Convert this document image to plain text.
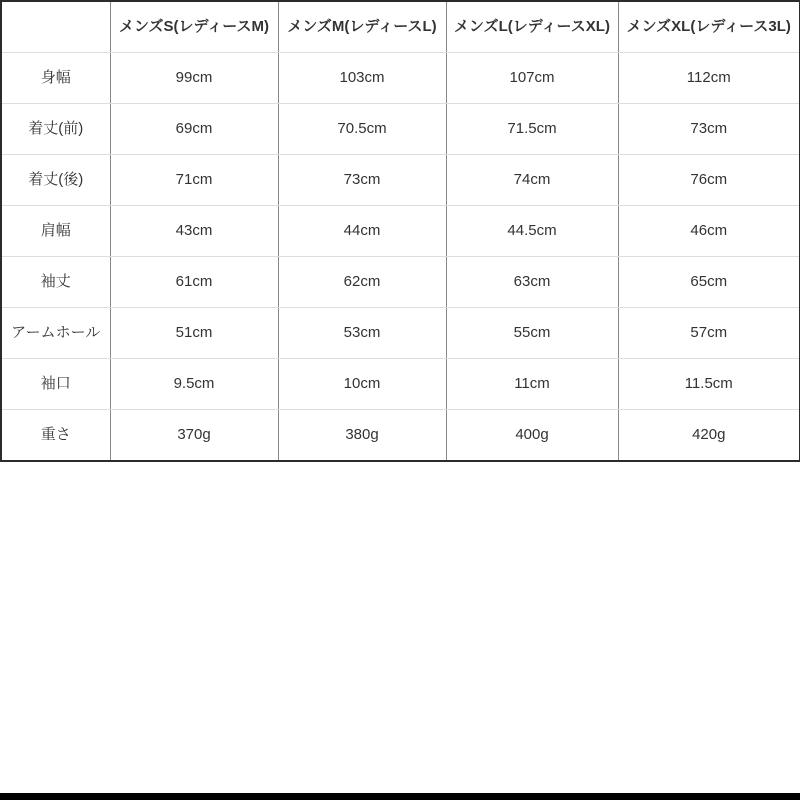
	メンズS(レディースM)	メンズM(レディースL)	メンズL(レディースXL)	メンズXL(レディース3L)
身幅	99cm	103cm	107cm	112cm
着丈(前)	69cm	70.5cm	71.5cm	73cm
着丈(後)	71cm	73cm	74cm	76cm
肩幅	43cm	44cm	44.5cm	46cm
袖丈	61cm	62cm	63cm	65cm
アームホール	51cm	53cm	55cm	57cm
袖口	9.5cm	10cm	11cm	11.5cm
重さ	370g	380g	400g	420g
